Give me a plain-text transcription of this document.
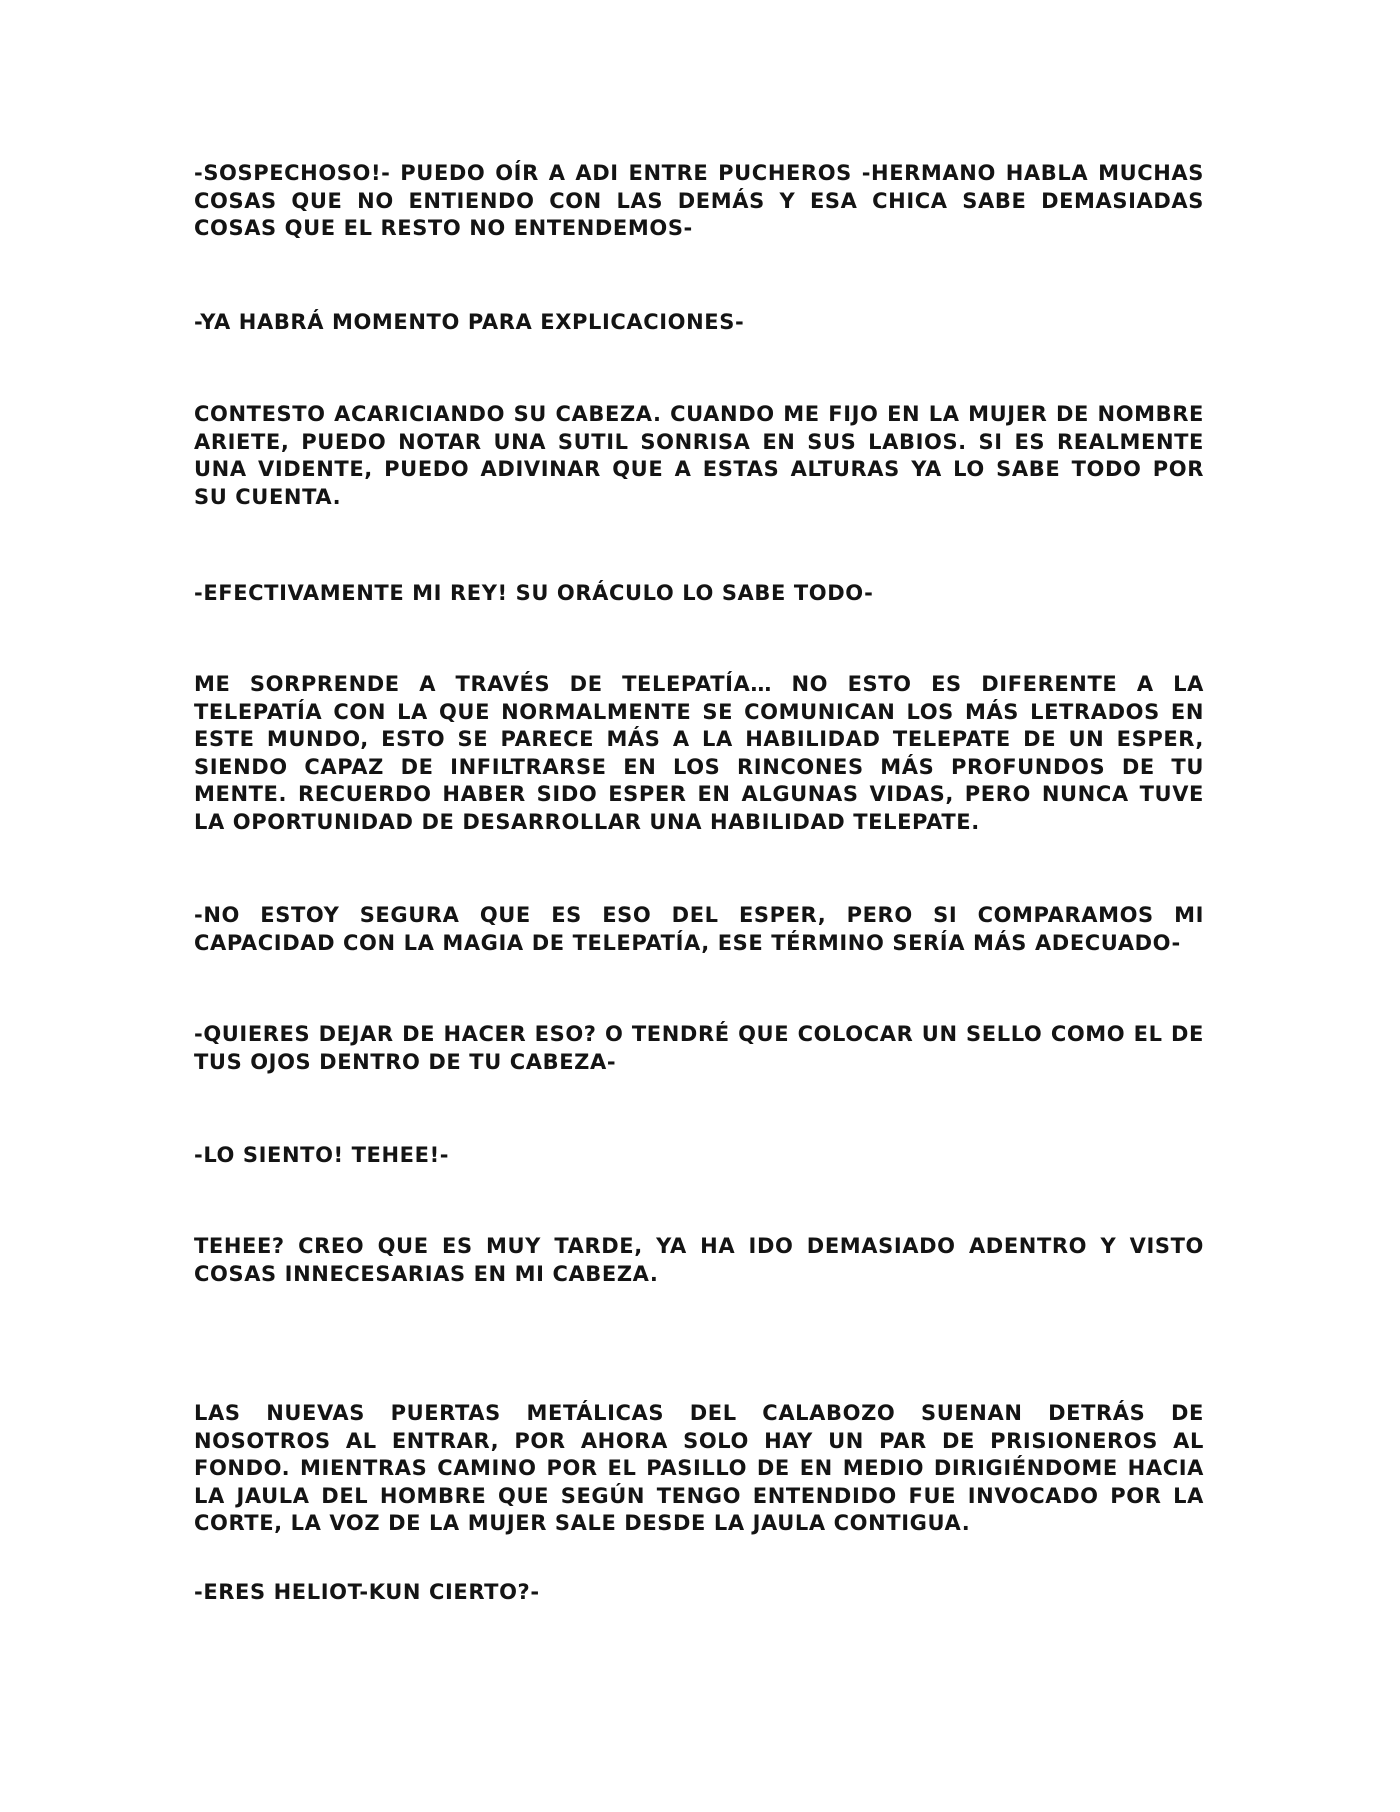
-SOSPECHOSO!- PUEDO OÍR A ADI ENTRE PUCHEROS -HERMANO HABLA MUCHAS COSAS QUE NO ENTIENDO CON LAS DEMÁS Y ESA CHICA SABE DEMASIADAS COSAS QUE EL RESTO NO ENTENDEMOS-

-YA HABRÁ MOMENTO PARA EXPLICACIONES-

CONTESTO ACARICIANDO SU CABEZA. CUANDO ME FIJO EN LA MUJER DE NOMBRE ARIETE, PUEDO NOTAR UNA SUTIL SONRISA EN SUS LABIOS. SI ES REALMENTE UNA VIDENTE, PUEDO ADIVINAR QUE A ESTAS ALTURAS YA LO SABE TODO POR SU CUENTA.

-EFECTIVAMENTE MI REY! SU ORÁCULO LO SABE TODO-

ME SORPRENDE A TRAVÉS DE TELEPATÍA… NO ESTO ES DIFERENTE A LA TELEPATÍA CON LA QUE NORMALMENTE SE COMUNICAN LOS MÁS LETRADOS EN ESTE MUNDO, ESTO SE PARECE MÁS A LA HABILIDAD TELEPATE DE UN ESPER, SIENDO CAPAZ DE INFILTRARSE EN LOS RINCONES MÁS PROFUNDOS DE TU MENTE. RECUERDO HABER SIDO ESPER EN ALGUNAS VIDAS, PERO NUNCA TUVE LA OPORTUNIDAD DE DESARROLLAR UNA HABILIDAD TELEPATE.

-NO ESTOY SEGURA QUE ES ESO DEL ESPER, PERO SI COMPARAMOS MI CAPACIDAD CON LA MAGIA DE TELEPATÍA, ESE TÉRMINO SERÍA MÁS ADECUADO-

-QUIERES DEJAR DE HACER ESO? O TENDRÉ QUE COLOCAR UN SELLO COMO EL DE TUS OJOS DENTRO DE TU CABEZA-

-LO SIENTO! TEHEE!-

TEHEE? CREO QUE ES MUY TARDE, YA HA IDO DEMASIADO ADENTRO Y VISTO COSAS INNECESARIAS EN MI CABEZA.

LAS NUEVAS PUERTAS METÁLICAS DEL CALABOZO SUENAN DETRÁS DE NOSOTROS AL ENTRAR, POR AHORA SOLO HAY UN PAR DE PRISIONEROS AL FONDO. MIENTRAS CAMINO POR EL PASILLO DE EN MEDIO DIRIGIÉNDOME HACIA LA JAULA DEL HOMBRE QUE SEGÚN TENGO ENTENDIDO FUE INVOCADO POR LA CORTE, LA VOZ DE LA MUJER SALE DESDE LA JAULA CONTIGUA.

-ERES HELIOT-KUN CIERTO?-
